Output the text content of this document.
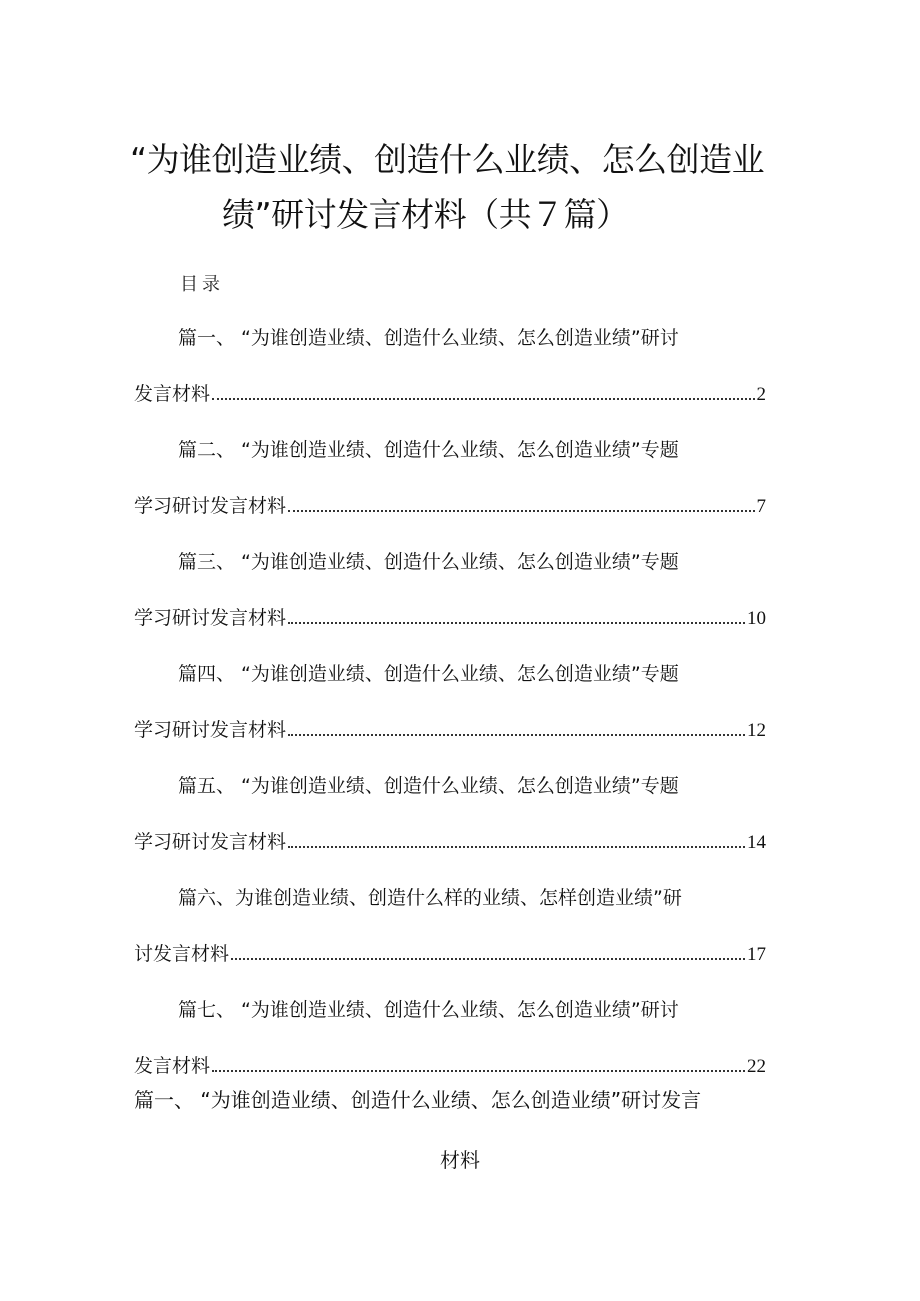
“为谁创造业绩、创造什么业绩、怎么创造业
绩”研讨发言材料（共７篇）
目录
篇一、 “为谁创造业绩、创造什么业绩、怎么创造业绩”研讨
发言材料	2
篇二、 “为谁创造业绩、创造什么业绩、怎么创造业绩”专题
学习研讨发言材料	7
篇三、 “为谁创造业绩、创造什么业绩、怎么创造业绩”专题
学习研讨发言材料	10
篇四、 “为谁创造业绩、创造什么业绩、怎么创造业绩”专题
学习研讨发言材料	12
篇五、 “为谁创造业绩、创造什么业绩、怎么创造业绩”专题
学习研讨发言材料	14
篇六、为谁创造业绩、创造什么样的业绩、怎样创造业绩”研
讨发言材料	17
篇七、 “为谁创造业绩、创造什么业绩、怎么创造业绩”研讨
发言材料	22
篇一、 “为谁创造业绩、创造什么业绩、怎么创造业绩”研讨发言
材料
